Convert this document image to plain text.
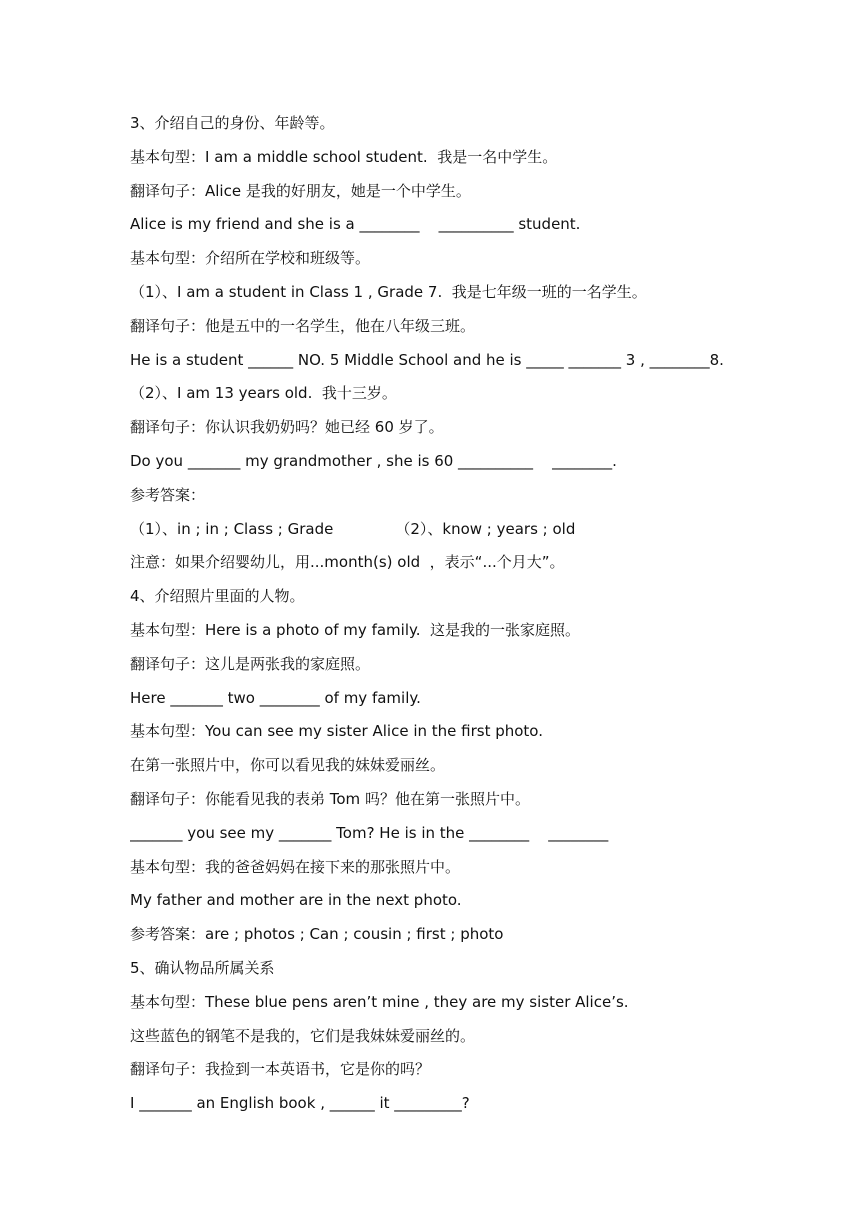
3、介绍自己的身份、年龄等。
基本句型：I am a middle school student.  我是一名中学生。
翻译句子：Alice 是我的好朋友，她是一个中学生。
Alice is my friend and she is a ________    __________ student.
基本句型：介绍所在学校和班级等。
（1）、I am a student in Class 1 , Grade 7.  我是七年级一班的一名学生。
翻译句子：他是五中的一名学生，他在八年级三班。
He is a student ______ NO. 5 Middle School and he is _____ _______ 3 , ________8.
（2）、I am 13 years old.  我十三岁。
翻译句子：你认识我奶奶吗？她已经 60 岁了。
Do you _______ my grandmother , she is 60 __________    ________.
参考答案：
（1）、in ; in ; Class ; Grade             （2）、know ; years ; old
注意：如果介绍婴幼儿，用...month(s) old  ，表示“...个月大”。
4、介绍照片里面的人物。
基本句型：Here is a photo of my family.  这是我的一张家庭照。
翻译句子：这儿是两张我的家庭照。
Here _______ two ________ of my family.
基本句型：You can see my sister Alice in the first photo.
在第一张照片中，你可以看见我的妹妹爱丽丝。
翻译句子：你能看见我的表弟 Tom 吗？他在第一张照片中。
_______ you see my _______ Tom? He is in the ________    ________
基本句型：我的爸爸妈妈在接下来的那张照片中。
My father and mother are in the next photo.
参考答案：are ; photos ; Can ; cousin ; first ; photo
5、确认物品所属关系
基本句型：These blue pens aren’t mine , they are my sister Alice’s.
这些蓝色的钢笔不是我的，它们是我妹妹爱丽丝的。
翻译句子：我捡到一本英语书，它是你的吗？
I _______ an English book , ______ it _________?
